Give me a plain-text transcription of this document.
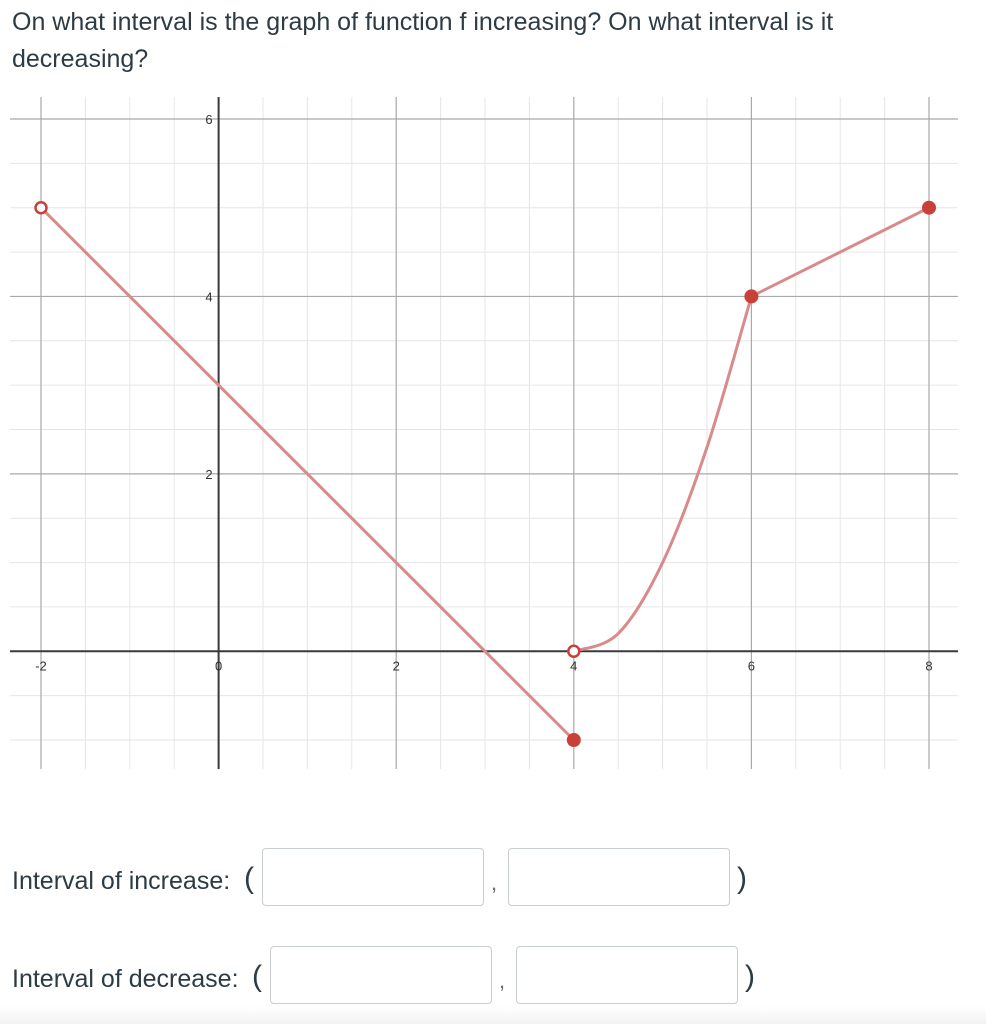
On what interval is the graph of function f increasing? On what interval is it decreasing?

-2	0	2	4	6	8
2
4
6
Interval of increase: (	,	)
Interval of decrease: (	,	)
